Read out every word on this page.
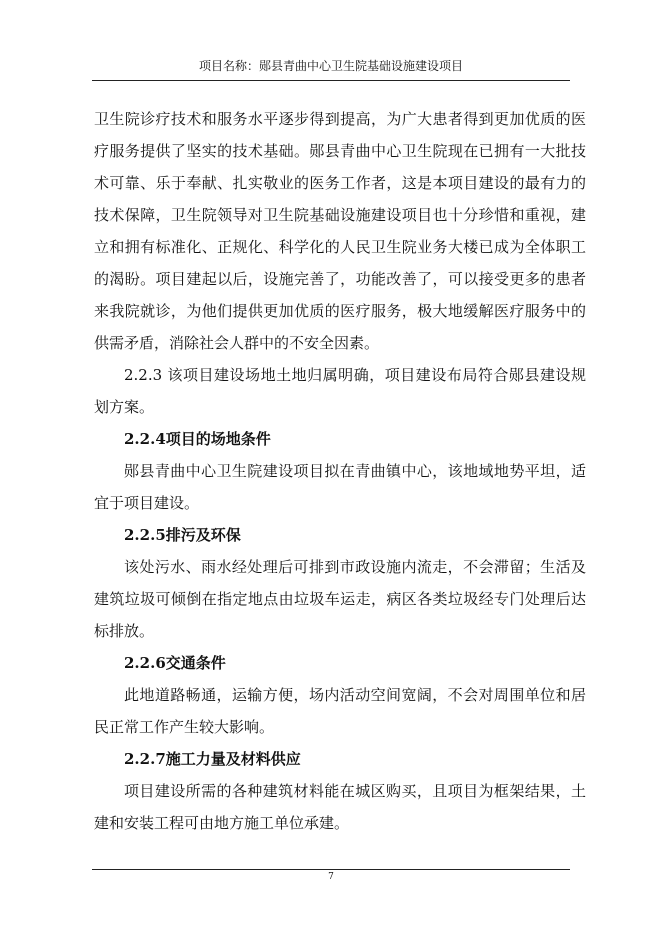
项目名称：郧县青曲中心卫生院基础设施建设项目

卫生院诊疗技术和服务水平逐步得到提高，为广大患者得到更加优质的医疗服务提供了坚实的技术基础。郧县青曲中心卫生院现在已拥有一大批技术可靠、乐于奉献、扎实敬业的医务工作者，这是本项目建设的最有力的技术保障，卫生院领导对卫生院基础设施建设项目也十分珍惜和重视，建立和拥有标准化、正规化、科学化的人民卫生院业务大楼已成为全体职工的渴盼。项目建起以后，设施完善了，功能改善了，可以接受更多的患者来我院就诊，为他们提供更加优质的医疗服务，极大地缓解医疗服务中的供需矛盾，消除社会人群中的不安全因素。

2.2.3 该项目建设场地土地归属明确，项目建设布局符合郧县建设规划方案。

2.2.4项目的场地条件

郧县青曲中心卫生院建设项目拟在青曲镇中心，该地域地势平坦，适宜于项目建设。

2.2.5排污及环保

该处污水、雨水经处理后可排到市政设施内流走，不会滞留；生活及建筑垃圾可倾倒在指定地点由垃圾车运走，病区各类垃圾经专门处理后达标排放。

2.2.6交通条件

此地道路畅通，运输方便，场内活动空间宽阔，不会对周围单位和居民正常工作产生较大影响。

2.2.7施工力量及材料供应

项目建设所需的各种建筑材料能在城区购买，且项目为框架结果，土建和安装工程可由地方施工单位承建。

7
